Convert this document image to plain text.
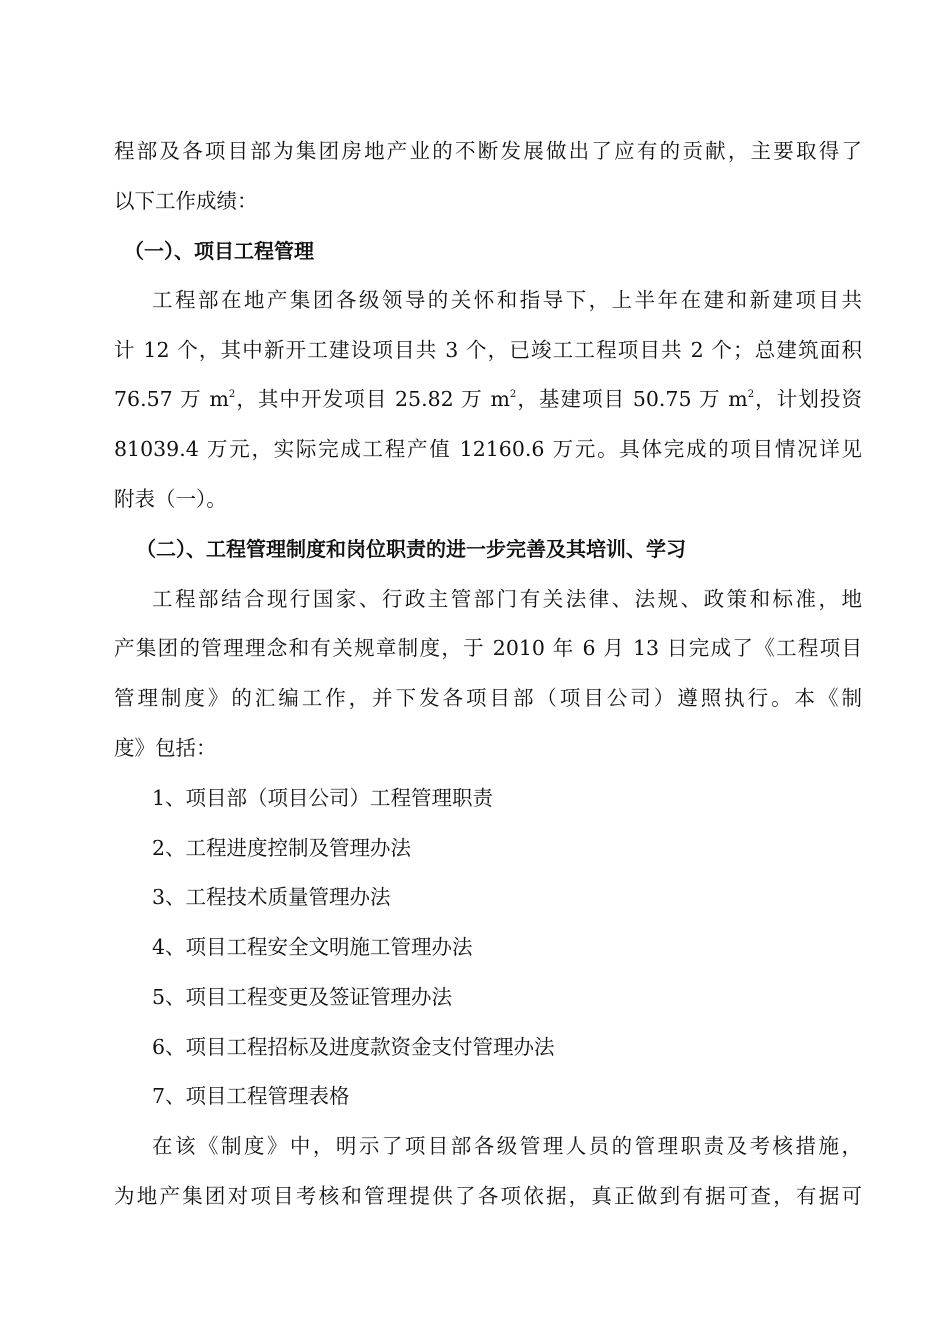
程部及各项目部为集团房地产业的不断发展做出了应有的贡献，主要取得了
以下工作成绩：
（一）、项目工程管理
工程部在地产集团各级领导的关怀和指导下，上半年在建和新建项目共
计 12 个，其中新开工建设项目共 3 个，已竣工工程项目共 2 个；总建筑面积
76.57 万 $m^2$，其中开发项目 25.82 万 $m^2$，基建项目 50.75 万 $m^2$，计划投资
81039.4 万元，实际完成工程产值 12160.6 万元。具体完成的项目情况详见
附表（一）。
（二）、工程管理制度和岗位职责的进一步完善及其培训、学习
工程部结合现行国家、行政主管部门有关法律、法规、政策和标准，地
产集团的管理理念和有关规章制度，于 2010 年 6 月 13 日完成了《工程项目
管理制度》的汇编工作，并下发各项目部（项目公司）遵照执行。本《制
度》包括：
1、项目部（项目公司）工程管理职责
2、工程进度控制及管理办法
3、工程技术质量管理办法
4、项目工程安全文明施工管理办法
5、项目工程变更及签证管理办法
6、项目工程招标及进度款资金支付管理办法
7、项目工程管理表格
在该《制度》中，明示了项目部各级管理人员的管理职责及考核措施，
为地产集团对项目考核和管理提供了各项依据，真正做到有据可查，有据可
